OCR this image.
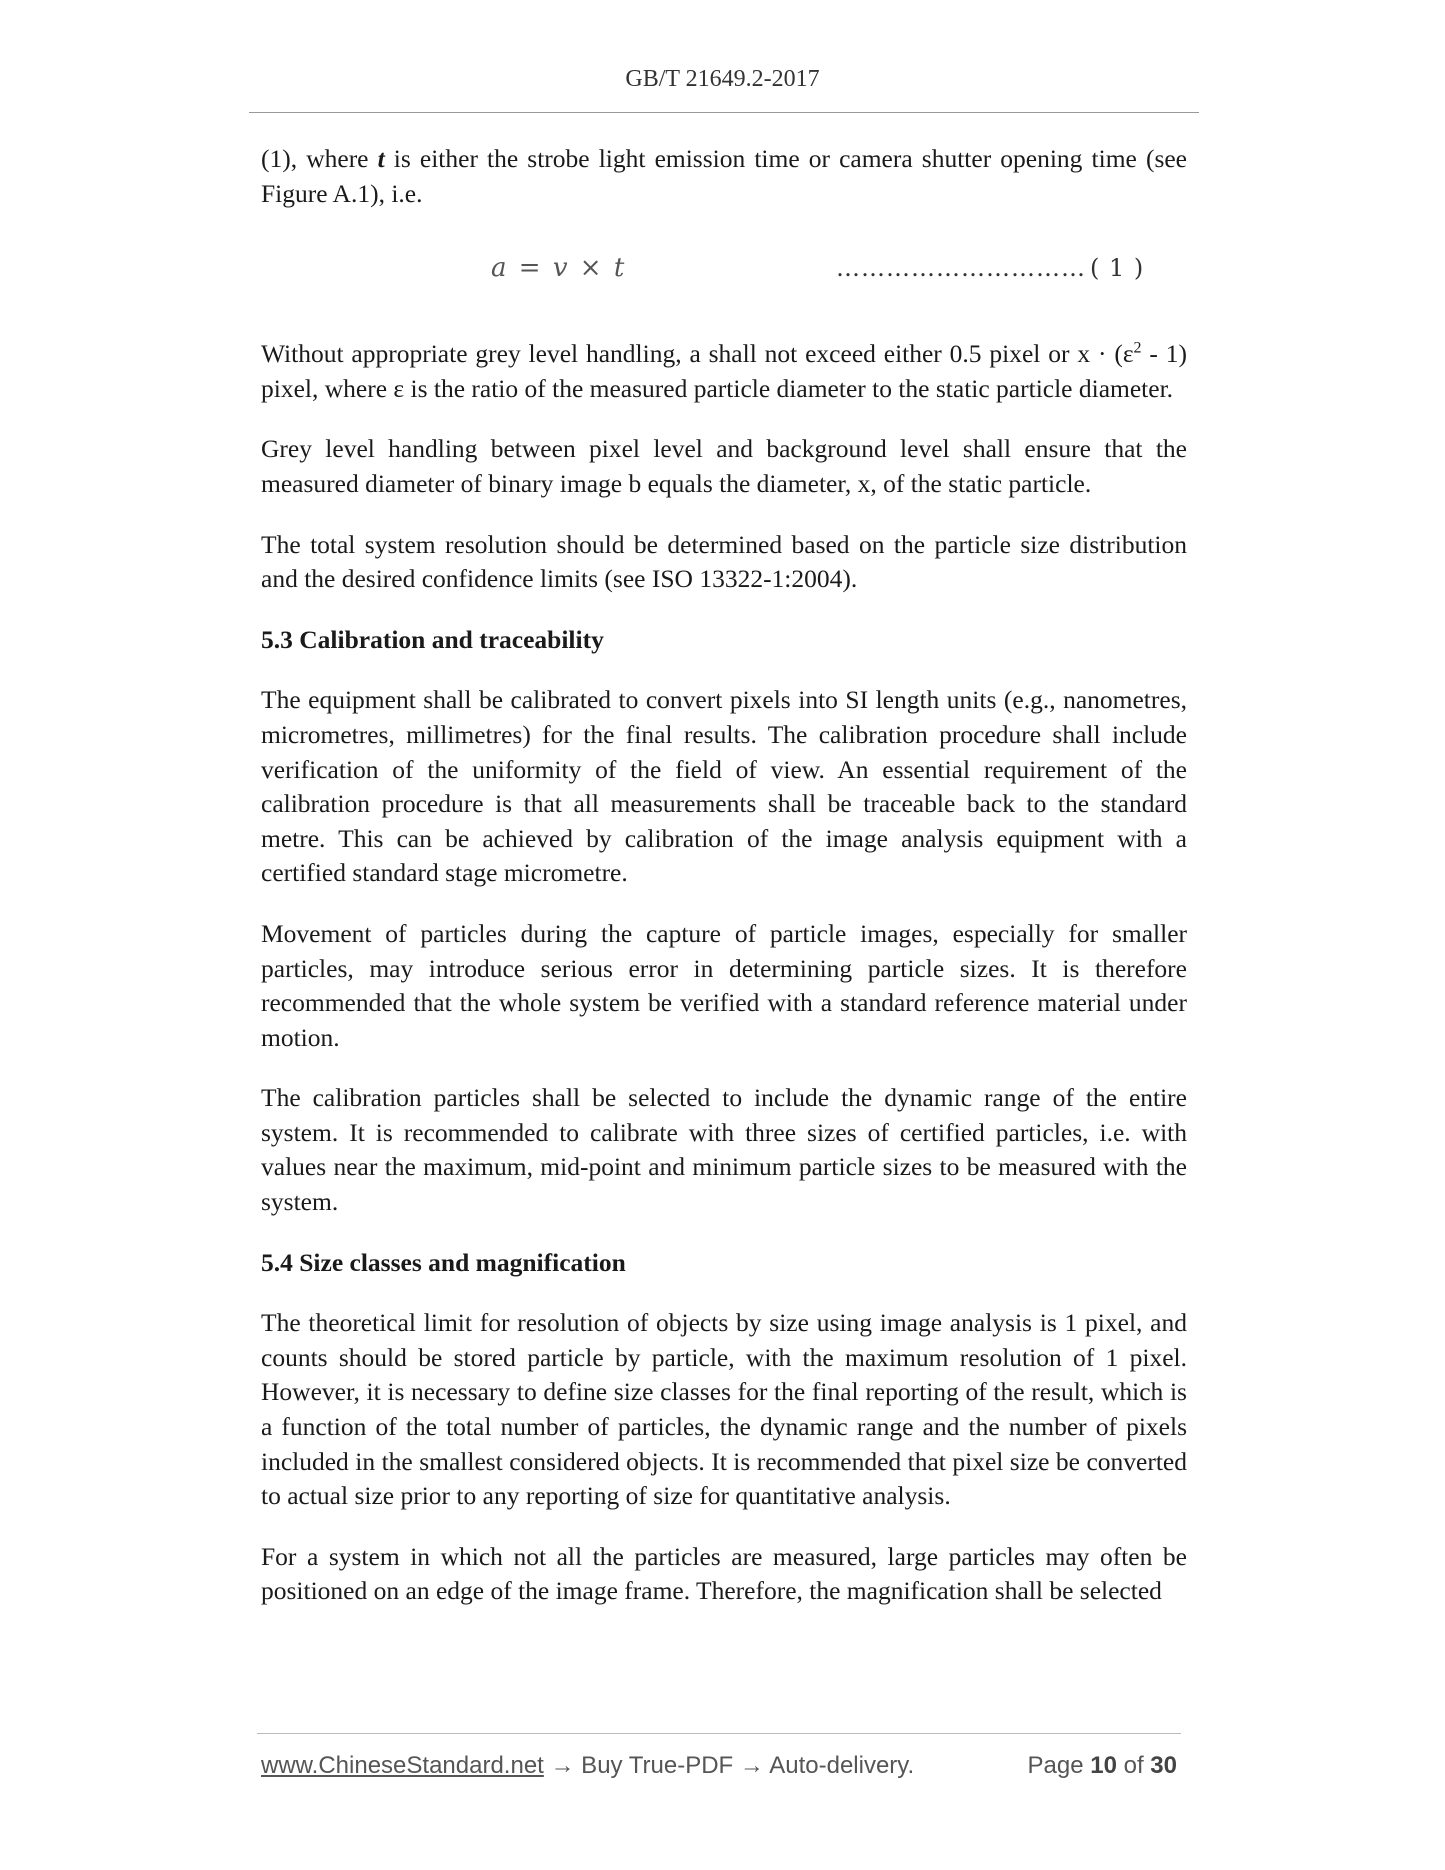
GB/T 21649.2-2017

(1), where t is either the strobe light emission time or camera shutter opening time (see Figure A.1), i.e.

a = v × t	………………………… ( 1 )

Without appropriate grey level handling, a shall not exceed either 0.5 pixel or $x \cdot (\varepsilon^2 - 1)$ pixel, where ε is the ratio of the measured particle diameter to the static particle diameter.

Grey level handling between pixel level and background level shall ensure that the measured diameter of binary image b equals the diameter, x, of the static particle.

The total system resolution should be determined based on the particle size distribution and the desired confidence limits (see ISO 13322-1:2004).

5.3 Calibration and traceability

The equipment shall be calibrated to convert pixels into SI length units (e.g., nanometres, micrometres, millimetres) for the final results. The calibration procedure shall include verification of the uniformity of the field of view. An essential requirement of the calibration procedure is that all measurements shall be traceable back to the standard metre. This can be achieved by calibration of the image analysis equipment with a certified standard stage micrometre.

Movement of particles during the capture of particle images, especially for smaller particles, may introduce serious error in determining particle sizes. It is therefore recommended that the whole system be verified with a standard reference material under motion.

The calibration particles shall be selected to include the dynamic range of the entire system. It is recommended to calibrate with three sizes of certified particles, i.e. with values near the maximum, mid-point and minimum particle sizes to be measured with the system.

5.4 Size classes and magnification

The theoretical limit for resolution of objects by size using image analysis is 1 pixel, and counts should be stored particle by particle, with the maximum resolution of 1 pixel. However, it is necessary to define size classes for the final reporting of the result, which is a function of the total number of particles, the dynamic range and the number of pixels included in the smallest considered objects. It is recommended that pixel size be converted to actual size prior to any reporting of size for quantitative analysis.

For a system in which not all the particles are measured, large particles may often be positioned on an edge of the image frame. Therefore, the magnification shall be selected

www.ChineseStandard.net → Buy True-PDF → Auto-delivery.	Page 10 of 30
